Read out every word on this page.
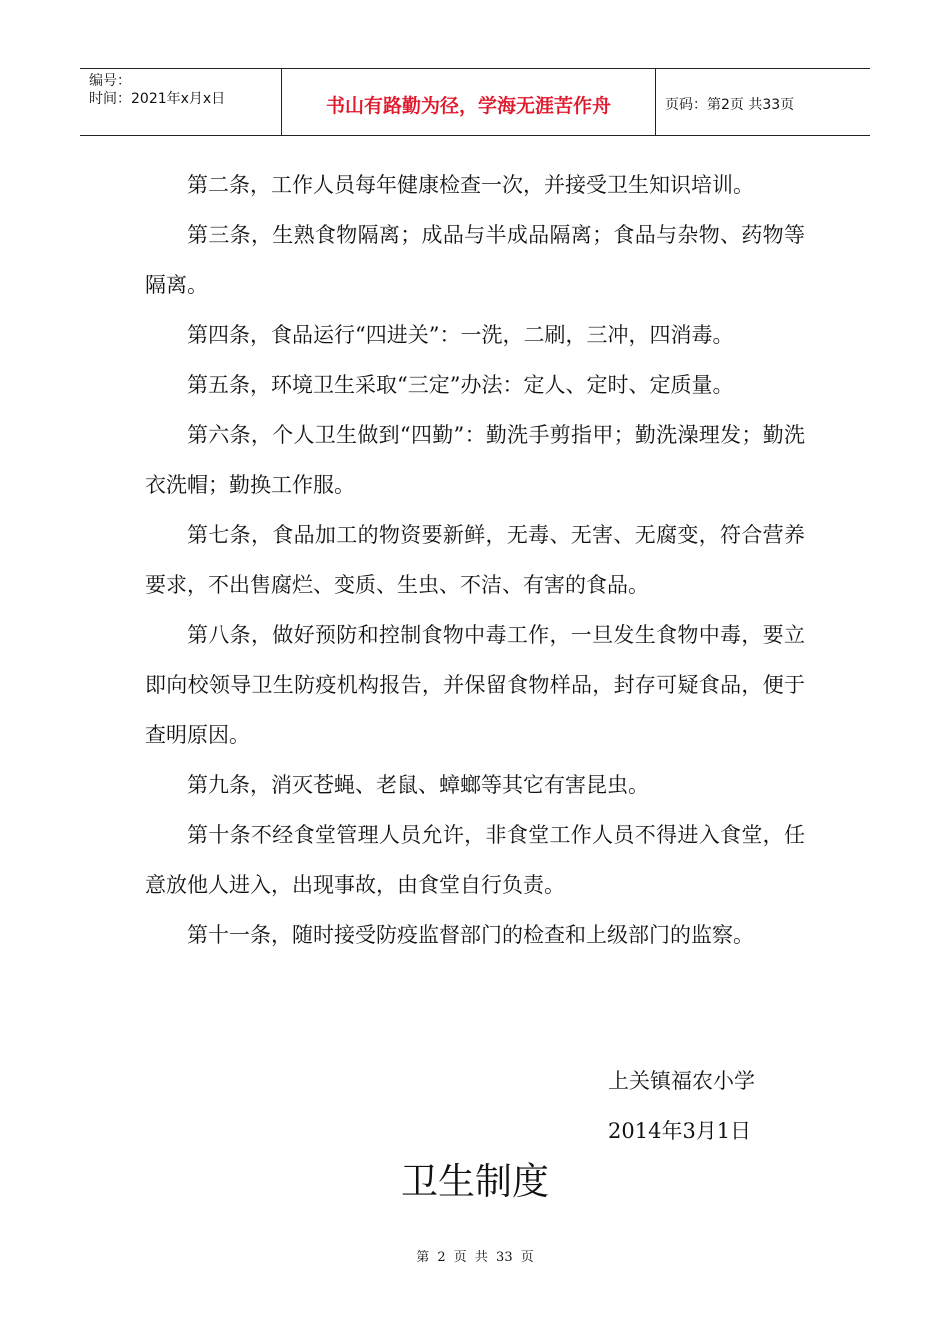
编号：
时间：2021年x月x日	书山有路勤为径，学海无涯苦作舟	页码：第2页 共33页

第二条，工作人员每年健康检查一次，并接受卫生知识培训。

第三条，生熟食物隔离；成品与半成品隔离；食品与杂物、药物等隔离。

第四条，食品运行“四进关”：一洗，二刷，三冲，四消毒。

第五条，环境卫生采取“三定”办法：定人、定时、定质量。

第六条，个人卫生做到“四勤”：勤洗手剪指甲；勤洗澡理发；勤洗衣洗帽；勤换工作服。

第七条，食品加工的物资要新鲜，无毒、无害、无腐变，符合营养要求，不出售腐烂、变质、生虫、不洁、有害的食品。

第八条，做好预防和控制食物中毒工作，一旦发生食物中毒，要立即向校领导卫生防疫机构报告，并保留食物样品，封存可疑食品，便于查明原因。

第九条，消灭苍蝇、老鼠、蟑螂等其它有害昆虫。

第十条不经食堂管理人员允许，非食堂工作人员不得进入食堂，任意放他人进入，出现事故，由食堂自行负责。

第十一条，随时接受防疫监督部门的检查和上级部门的监察。

上关镇福农小学
2014年3月1日
卫生制度
第 2 页 共 33 页
